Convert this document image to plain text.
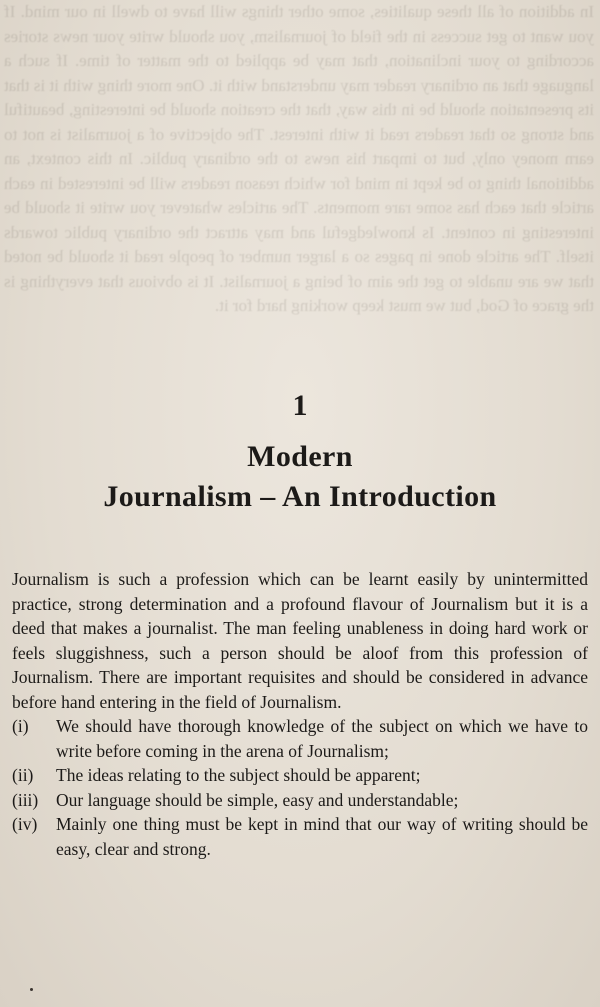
In addition of all these qualities, some other things will have to dwell in our mind. If you want to get success in the field of journalism, you should write your news stories according to your inclination, that may be applied to the matter of time. If such a language that an ordinary reader may understand with it. One more thing with it is that its presentation should be in this way, that the creation should be interesting, beautiful and strong so that readers read it with interest. The objective of a journalist is not to earn money only, but to impart his news to the ordinary public. In this context, an additional thing to be kept in mind for which reason readers will be interested in each article that each has some rare moments. The articles whatever you write it should be interesting in content. Is knowledgeful and may attract the ordinary public towards itself. The article done in pages so a larger number of people read it should be noted that we are unable to get the aim of being a journalist. It is obvious that everything is the grace of God, but we must keep working hard for it.
1
Modern
Journalism – An Introduction

Journalism is such a profession which can be learnt easily by unintermitted practice, strong determination and a profound flavour of Journalism but it is a deed that makes a journalist. The man feeling unableness in doing hard work or feels sluggishness, such a person should be aloof from this profession of Journalism. There are important requisites and should be considered in advance before hand entering in the field of Journalism.

(i)	We should have thorough knowledge of the subject on which we have to write before coming in the arena of Journalism;
(ii)	The ideas relating to the subject should be apparent;
(iii)	Our language should be simple, easy and understandable;
(iv)	Mainly one thing must be kept in mind that our way of writing should be easy, clear and strong.
